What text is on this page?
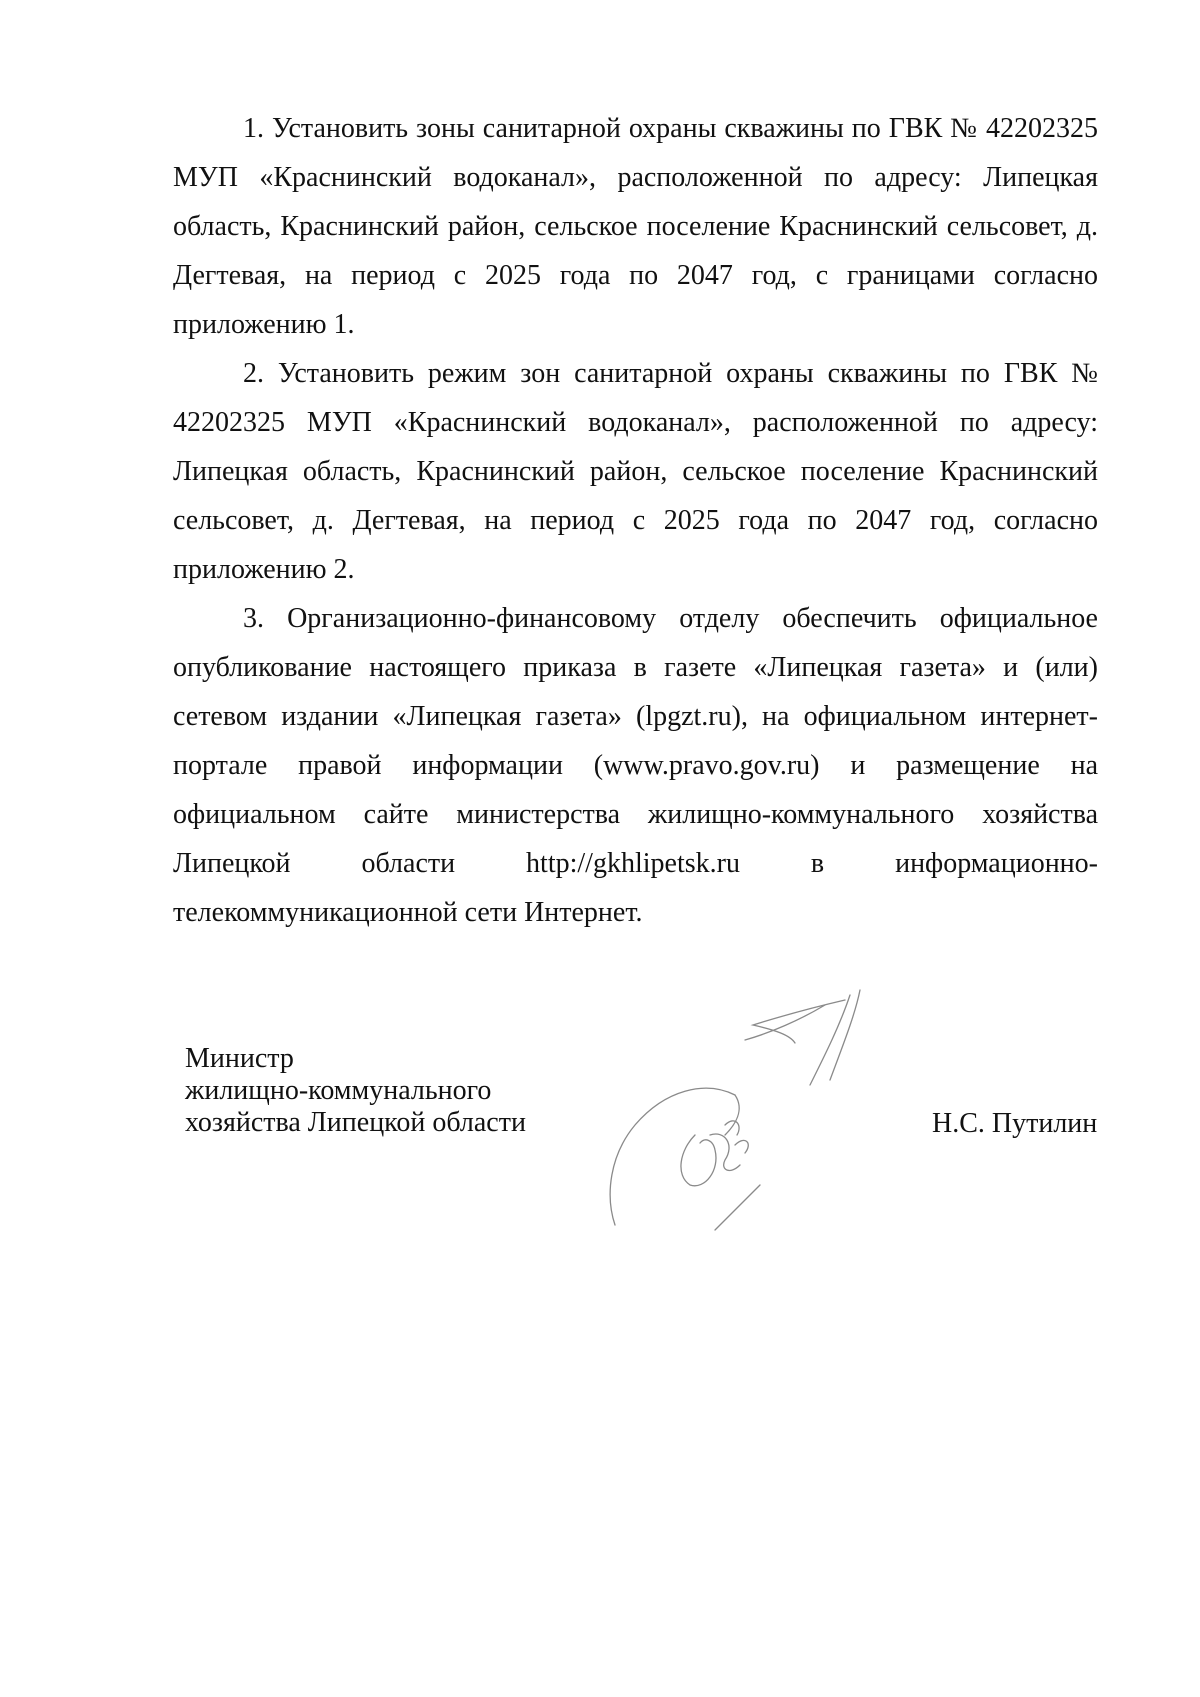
1. Установить зоны санитарной охраны скважины по ГВК № 42202325 МУП «Краснинский водоканал», расположенной по адресу: Липецкая область, Краснинский район, сельское поселение Краснинский сельсовет, д. Дегтевая, на период с 2025 года по 2047 год, с границами согласно приложению 1.

2. Установить режим зон санитарной охраны скважины по ГВК № 42202325 МУП «Краснинский водоканал», расположенной по адресу: Липецкая область, Краснинский район, сельское поселение Краснинский сельсовет, д. Дегтевая, на период с 2025 года по 2047 год, согласно приложению 2.

3. Организационно-финансовому отделу обеспечить официальное опубликование настоящего приказа в газете «Липецкая газета» и (или) сетевом издании «Липецкая газета» (lpgzt.ru), на официальном интернет-портале правой информации (www.pravo.gov.ru) и размещение на официальном сайте министерства жилищно-коммунального хозяйства Липецкой области http://gkhlipetsk.ru в информационно-телекоммуникационной сети Интернет.

Министр
жилищно-коммунального
хозяйства Липецкой области	Н.С. Путилин
